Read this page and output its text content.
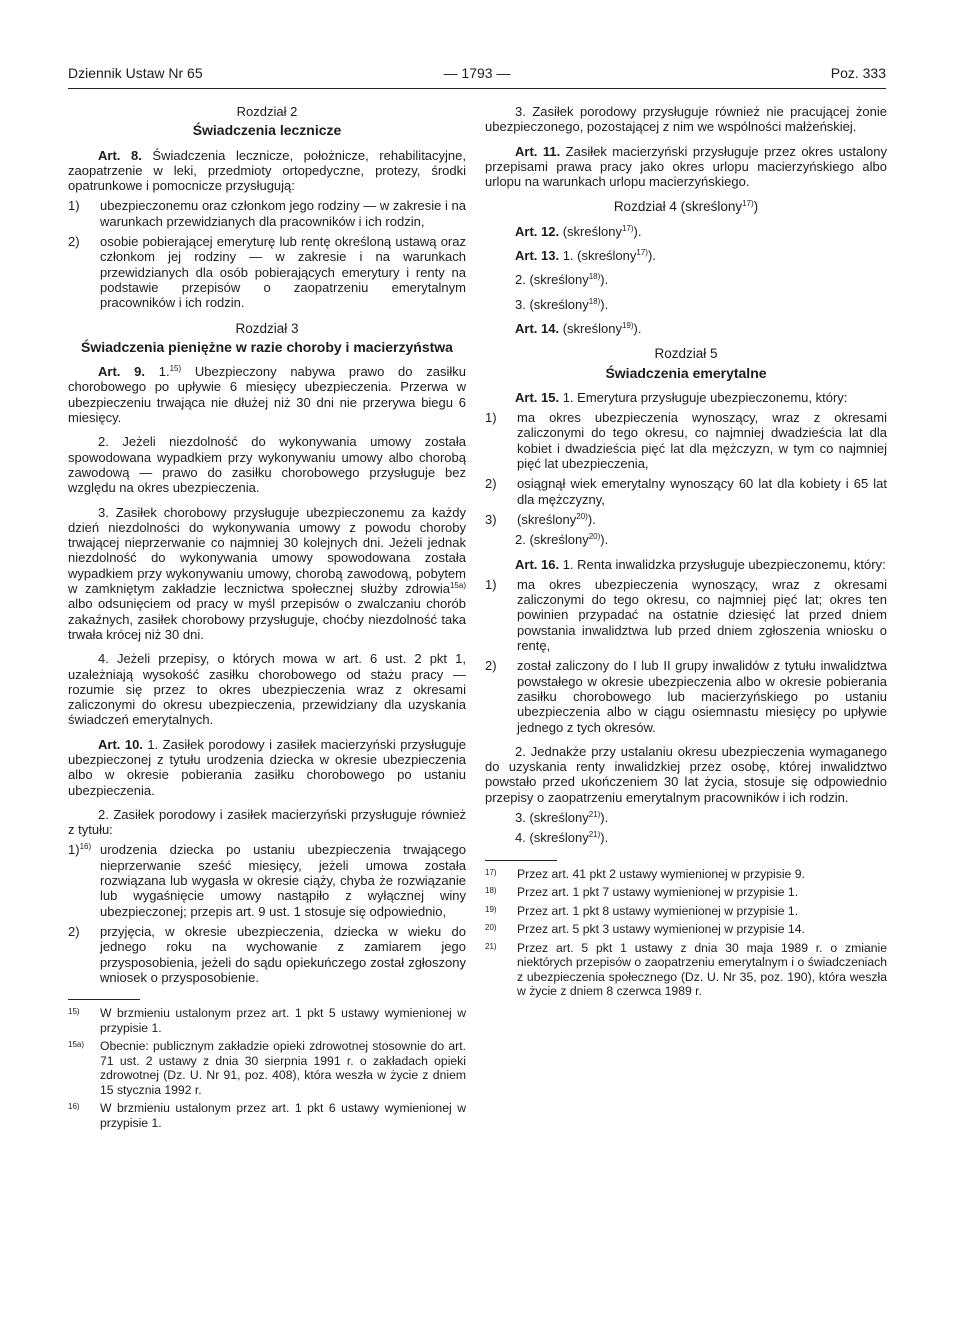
Dziennik Ustaw Nr 65	— 1793 —	Poz. 333

Rozdział 2

Świadczenia lecznicze

Art. 8. Świadczenia lecznicze, położnicze, rehabilitacyjne, zaopatrzenie w leki, przedmioty ortopedyczne, protezy, środki opatrunkowe i pomocnicze przysługują:

1) ubezpieczonemu oraz członkom jego rodziny — w zakresie i na warunkach przewidzianych dla pracowników i ich rodzin,
2) osobie pobierającej emeryturę lub rentę określoną ustawą oraz członkom jej rodziny — w zakresie i na warunkach przewidzianych dla osób pobierających emerytury i renty na podstawie przepisów o zaopatrzeniu emerytalnym pracowników i ich rodzin.

Rozdział 3

Świadczenia pieniężne w razie choroby i macierzyństwa

Art. 9. 1.$^{15)}$ Ubezpieczony nabywa prawo do zasiłku chorobowego po upływie 6 miesięcy ubezpieczenia. Przerwa w ubezpieczeniu trwająca nie dłużej niż 30 dni nie przerywa biegu 6 miesięcy.

2. Jeżeli niezdolność do wykonywania umowy została spowodowana wypadkiem przy wykonywaniu umowy albo chorobą zawodową — prawo do zasiłku chorobowego przysługuje bez względu na okres ubezpieczenia.

3. Zasiłek chorobowy przysługuje ubezpieczonemu za każdy dzień niezdolności do wykonywania umowy z powodu choroby trwającej nieprzerwanie co najmniej 30 kolejnych dni. Jeżeli jednak niezdolność do wykonywania umowy spowodowana została wypadkiem przy wykonywaniu umowy, chorobą zawodową, pobytem w zamkniętym zakładzie lecznictwa społecznej służby zdrowia$^{15a)}$ albo odsunięciem od pracy w myśl przepisów o zwalczaniu chorób zakaźnych, zasiłek chorobowy przysługuje, choćby niezdolność taka trwała krócej niż 30 dni.

4. Jeżeli przepisy, o których mowa w art. 6 ust. 2 pkt 1, uzależniają wysokość zasiłku chorobowego od stażu pracy — rozumie się przez to okres ubezpieczenia wraz z okresami zaliczonymi do okresu ubezpieczenia, przewidziany dla uzyskania świadczeń emerytalnych.

Art. 10. 1. Zasiłek porodowy i zasiłek macierzyński przysługuje ubezpieczonej z tytułu urodzenia dziecka w okresie ubezpieczenia albo w okresie pobierania zasiłku chorobowego po ustaniu ubezpieczenia.

2. Zasiłek porodowy i zasiłek macierzyński przysługuje również z tytułu:

1)$^{16)}$ urodzenia dziecka po ustaniu ubezpieczenia trwającego nieprzerwanie sześć miesięcy, jeżeli umowa została rozwiązana lub wygasła w okresie ciąży, chyba że rozwiązanie lub wygaśnięcie umowy nastąpiło z wyłącznej winy ubezpieczonej; przepis art. 9 ust. 1 stosuje się odpowiednio,
2) przyjęcia, w okresie ubezpieczenia, dziecka w wieku do jednego roku na wychowanie z zamiarem jego przysposobienia, jeżeli do sądu opiekuńczego został zgłoszony wniosek o przysposobienie.
15) W brzmieniu ustalonym przez art. 1 pkt 5 ustawy wymienionej w przypisie 1.
15a) Obecnie: publicznym zakładzie opieki zdrowotnej stosownie do art. 71 ust. 2 ustawy z dnia 30 sierpnia 1991 r. o zakładach opieki zdrowotnej (Dz. U. Nr 91, poz. 408), która weszła w życie z dniem 15 stycznia 1992 r.
16) W brzmieniu ustalonym przez art. 1 pkt 6 ustawy wymienionej w przypisie 1.

3. Zasiłek porodowy przysługuje również nie pracującej żonie ubezpieczonego, pozostającej z nim we wspólności małżeńskiej.

Art. 11. Zasiłek macierzyński przysługuje przez okres ustalony przepisami prawa pracy jako okres urlopu macierzyńskiego albo urlopu na warunkach urlopu macierzyńskiego.

Rozdział 4 (skreślony$^{17)}$)

Art. 12. (skreślony$^{17)}$).

Art. 13. 1. (skreślony$^{17)}$).

2. (skreślony$^{18)}$).

3. (skreślony$^{18)}$).

Art. 14. (skreślony$^{19)}$).

Rozdział 5

Świadczenia emerytalne

Art. 15. 1. Emerytura przysługuje ubezpieczonemu, który:

1) ma okres ubezpieczenia wynoszący, wraz z okresami zaliczonymi do tego okresu, co najmniej dwadzieścia lat dla kobiet i dwadzieścia pięć lat dla mężczyzn, w tym co najmniej pięć lat ubezpieczenia,
2) osiągnął wiek emerytalny wynoszący 60 lat dla kobiety i 65 lat dla mężczyzny,
3) (skreślony$^{20)}$).

2. (skreślony$^{20)}$).

Art. 16. 1. Renta inwalidzka przysługuje ubezpieczonemu, który:

1) ma okres ubezpieczenia wynoszący, wraz z okresami zaliczonymi do tego okresu, co najmniej pięć lat; okres ten powinien przypadać na ostatnie dziesięć lat przed dniem powstania inwalidztwa lub przed dniem zgłoszenia wniosku o rentę,
2) został zaliczony do I lub II grupy inwalidów z tytułu inwalidztwa powstałego w okresie ubezpieczenia albo w okresie pobierania zasiłku chorobowego lub macierzyńskiego po ustaniu ubezpieczenia albo w ciągu osiemnastu miesięcy po upływie jednego z tych okresów.

2. Jednakże przy ustalaniu okresu ubezpieczenia wymaganego do uzyskania renty inwalidzkiej przez osobę, której inwalidztwo powstało przed ukończeniem 30 lat życia, stosuje się odpowiednio przepisy o zaopatrzeniu emerytalnym pracowników i ich rodzin.

3. (skreślony$^{21)}$).

4. (skreślony$^{21)}$).

17) Przez art. 41 pkt 2 ustawy wymienionej w przypisie 9.
18) Przez art. 1 pkt 7 ustawy wymienionej w przypisie 1.
19) Przez art. 1 pkt 8 ustawy wymienionej w przypisie 1.
20) Przez art. 5 pkt 3 ustawy wymienionej w przypisie 14.
21) Przez art. 5 pkt 1 ustawy z dnia 30 maja 1989 r. o zmianie niektórych przepisów o zaopatrzeniu emerytalnym i o świadczeniach z ubezpieczenia społecznego (Dz. U. Nr 35, poz. 190), która weszła w życie z dniem 8 czerwca 1989 r.
